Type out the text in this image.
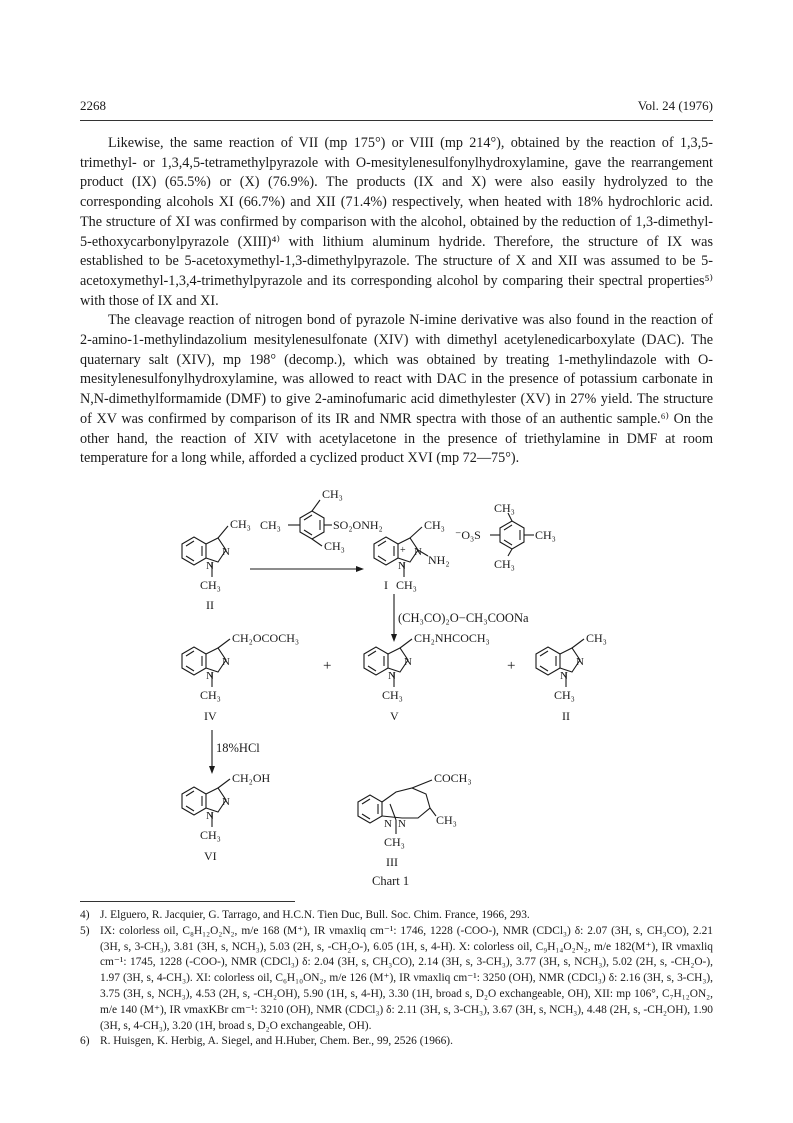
2268	Vol. 24 (1976)

Likewise, the same reaction of VII (mp 175°) or VIII (mp 214°), obtained by the reaction of 1,3,5-trimethyl- or 1,3,4,5-tetramethylpyrazole with O-mesitylenesulfonylhydroxylamine, gave the rearrangement product (IX) (65.5%) or (X) (76.9%). The products (IX and X) were also easily hydrolyzed to the corresponding alcohols XI (66.7%) and XII (71.4%) respectively, when heated with 18% hydrochloric acid. The structure of XI was confirmed by comparison with the alcohol, obtained by the reduction of 1,3-dimethyl-5-ethoxycarbonylpyrazole (XIII)⁴⁾ with lithium aluminum hydride. Therefore, the structure of IX was established to be 5-acetoxymethyl-1,3-dimethylpyrazole. The structure of X and XII was assumed to be 5-acetoxymethyl-1,3,4-trimethylpyrazole and its corresponding alcohol by comparing their spectral properties⁵⁾ with those of IX and XI.

The cleavage reaction of nitrogen bond of pyrazole N-imine derivative was also found in the reaction of 2-amino-1-methylindazolium mesitylenesulfonate (XIV) with dimethyl acetylenedicarboxylate (DAC). The quaternary salt (XIV), mp 198° (decomp.), which was obtained by treating 1-methylindazole with O-mesitylenesulfonylhydroxylamine, was allowed to react with DAC in the presence of potassium carbonate in N,N-dimethylformamide (DMF) to give 2-aminofumaric acid dimethylester (XV) in 27% yield. The structure of XV was confirmed by comparison of its IR and NMR spectra with those of an authentic sample.⁶⁾ On the other hand, the reaction of XIV with acetylacetone in the presence of triethylamine in DMF at room temperature for a long while, afforded a cyclized product XVI (mp 72—75°).

CH₃
N
N
CH₃
II
CH₃
CH₃	SO₂ONH₂
CH₃
CH₃
+ N
N NH₂
I CH₃
CH₃
⁻O₃S	CH₃
CH₃
(CH₃CO)₂O−CH₃COONa
CH₂OCOCH₃
N
N
CH₃
IV
+
CH₂NHCOCH₃
N
N
CH₃
V
+
CH₃
N
N
CH₃
II
18%HCl
CH₂OH
N
N
CH₃
VI
COCH₃
CH₃
N N
CH₃
III
Chart 1
4) J. Elguero, R. Jacquier, G. Tarrago, and H.C.N. Tien Duc, Bull. Soc. Chim. France, 1966, 293.
5) IX: colorless oil, C₈H₁₂O₂N₂, m/e 168 (M⁺), IR νmaxliq cm⁻¹: 1746, 1228 (-COO-), NMR (CDCl₃) δ: 2.07 (3H, s, CH₃CO), 2.21 (3H, s, 3-CH₃), 3.81 (3H, s, NCH₃), 5.03 (2H, s, -CH₂O-), 6.05 (1H, s, 4-H). X: colorless oil, C₉H₁₄O₂N₂, m/e 182(M⁺), IR νmaxliq cm⁻¹: 1745, 1228 (-COO-), NMR (CDCl₃) δ: 2.04 (3H, s, CH₃CO), 2.14 (3H, s, 3-CH₃), 3.77 (3H, s, NCH₃), 5.02 (2H, s, -CH₂O-), 1.97 (3H, s, 4-CH₃). XI: colorless oil, C₆H₁₀ON₂, m/e 126 (M⁺), IR νmaxliq cm⁻¹: 3250 (OH), NMR (CDCl₃) δ: 2.16 (3H, s, 3-CH₃), 3.75 (3H, s, NCH₃), 4.53 (2H, s, -CH₂OH), 5.90 (1H, s, 4-H), 3.30 (1H, broad s, D₂O exchangeable, OH), XII: mp 106°, C₇H₁₂ON₂, m/e 140 (M⁺), IR νmaxKBr cm⁻¹: 3210 (OH), NMR (CDCl₃) δ: 2.11 (3H, s, 3-CH₃), 3.67 (3H, s, NCH₃), 4.48 (2H, s, -CH₂OH), 1.90 (3H, s, 4-CH₃), 3.20 (1H, broad s, D₂O exchangeable, OH).
6) R. Huisgen, K. Herbig, A. Siegel, and H.Huber, Chem. Ber., 99, 2526 (1966).
